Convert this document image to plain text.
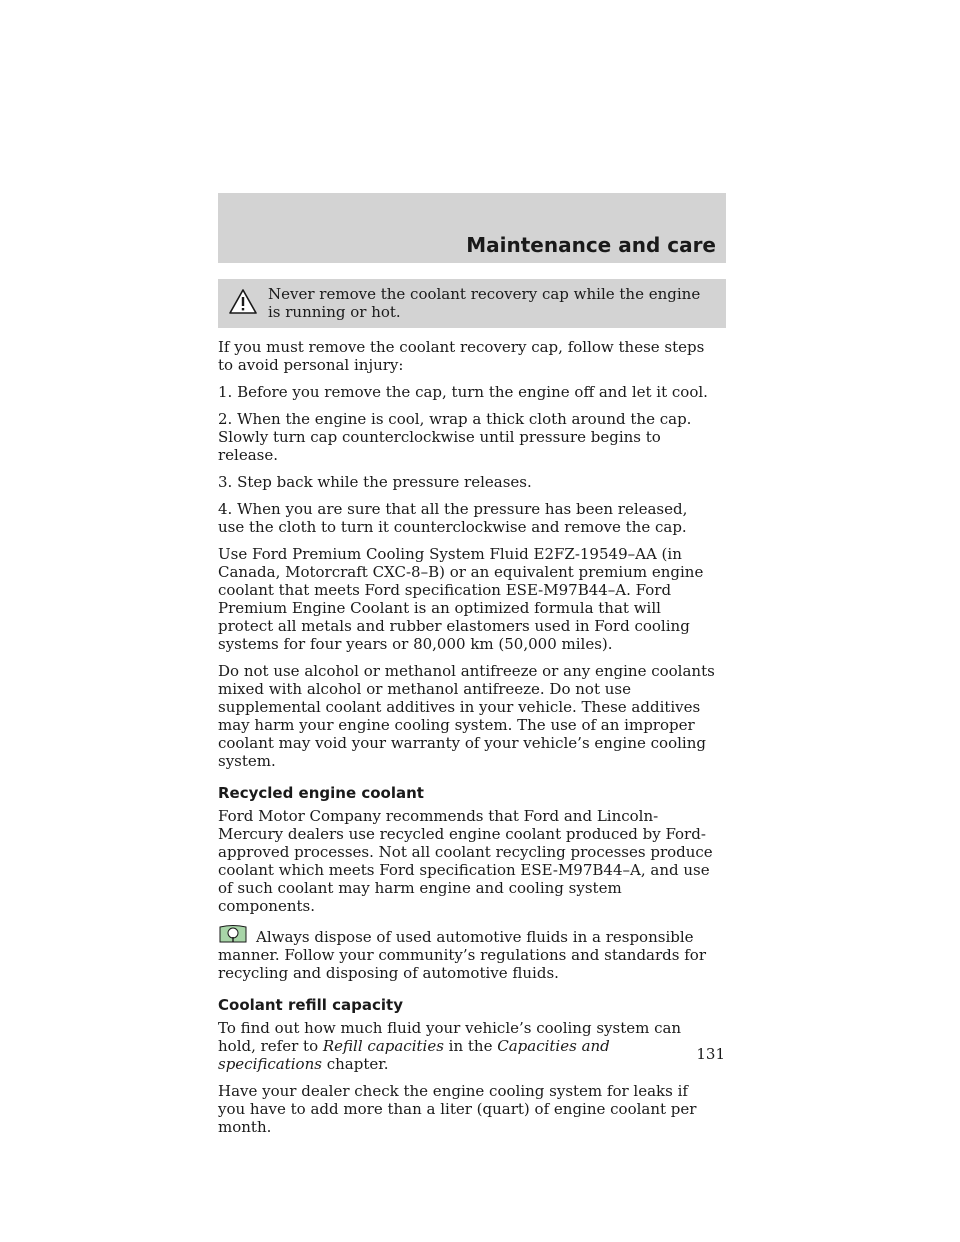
Maintenance and care

Never remove the coolant recovery cap while the engine is running or hot.

If you must remove the coolant recovery cap, follow these steps to avoid personal injury:

1. Before you remove the cap, turn the engine off and let it cool.

2. When the engine is cool, wrap a thick cloth around the cap. Slowly turn cap counterclockwise until pressure begins to release.

3. Step back while the pressure releases.

4. When you are sure that all the pressure has been released, use the cloth to turn it counterclockwise and remove the cap.

Use Ford Premium Cooling System Fluid E2FZ-19549–AA (in Canada, Motorcraft CXC-8–B) or an equivalent premium engine coolant that meets Ford specification ESE-M97B44–A. Ford Premium Engine Coolant is an optimized formula that will protect all metals and rubber elastomers used in Ford cooling systems for four years or 80,000 km (50,000 miles).

Do not use alcohol or methanol antifreeze or any engine coolants mixed with alcohol or methanol antifreeze. Do not use supplemental coolant additives in your vehicle. These additives may harm your engine cooling system. The use of an improper coolant may void your warranty of your vehicle’s engine cooling system.

Recycled engine coolant

Ford Motor Company recommends that Ford and Lincoln-Mercury dealers use recycled engine coolant produced by Ford-approved processes. Not all coolant recycling processes produce coolant which meets Ford specification ESE-M97B44–A, and use of such coolant may harm engine and cooling system components.

Always dispose of used automotive fluids in a responsible manner. Follow your community’s regulations and standards for recycling and disposing of automotive fluids.

Coolant refill capacity

To find out how much fluid your vehicle’s cooling system can hold, refer to Refill capacities in the Capacities and specifications chapter.

Have your dealer check the engine cooling system for leaks if you have to add more than a liter (quart) of engine coolant per month.

131
